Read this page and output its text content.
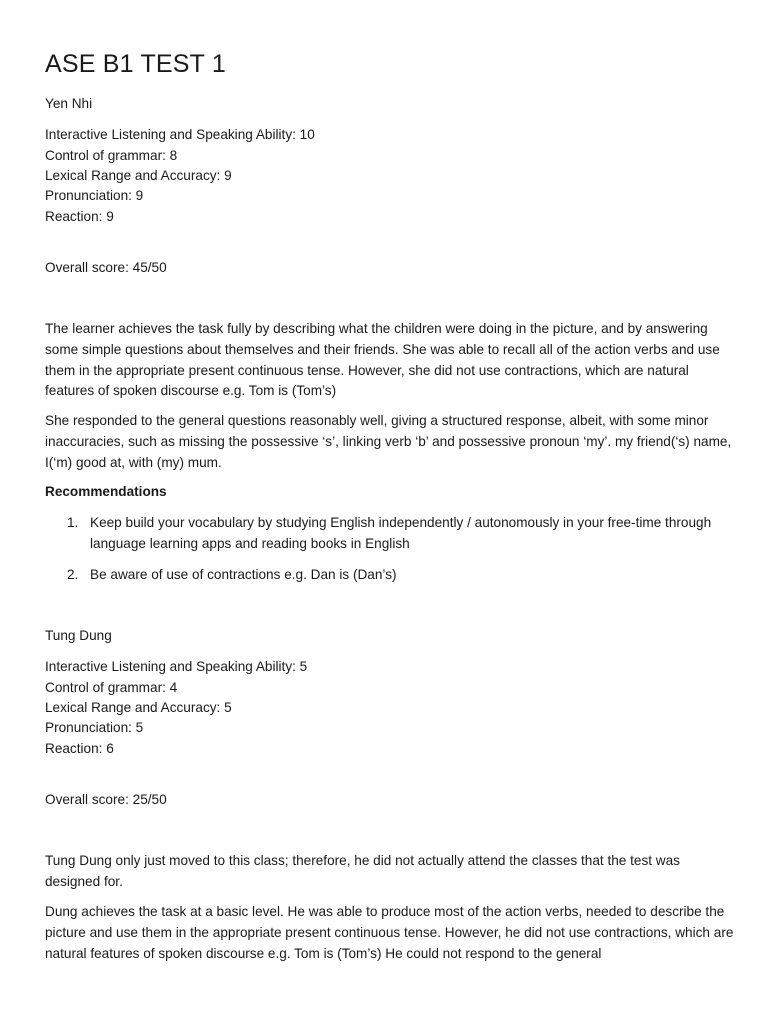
ASE B1 TEST 1
Yen Nhi
Interactive Listening and Speaking Ability: 10
Control of grammar: 8
Lexical Range and Accuracy: 9
Pronunciation: 9
Reaction: 9
Overall score: 45/50

The learner achieves the task fully by describing what the children were doing in the picture, and by answering some simple questions about themselves and their friends. She was able to recall all of the action verbs and use them in the appropriate present continuous tense. However, she did not use contractions, which are natural features of spoken discourse e.g. Tom is (Tom’s)

She responded to the general questions reasonably well, giving a structured response, albeit, with some minor inaccuracies, such as missing the possessive ‘s’, linking verb ‘b’ and possessive pronoun ‘my’. my friend(‘s) name, I(‘m) good at, with (my) mum.

Recommendations
1. Keep build your vocabulary by studying English independently / autonomously in your free-time through language learning apps and reading books in English
2. Be aware of use of contractions e.g. Dan is (Dan’s)
Tung Dung
Interactive Listening and Speaking Ability: 5
Control of grammar: 4
Lexical Range and Accuracy: 5
Pronunciation: 5
Reaction: 6
Overall score: 25/50

Tung Dung only just moved to this class; therefore, he did not actually attend the classes that the test was designed for.

Dung achieves the task at a basic level. He was able to produce most of the action verbs, needed to describe the picture and use them in the appropriate present continuous tense. However, he did not use contractions, which are natural features of spoken discourse e.g. Tom is (Tom’s) He could not respond to the general
